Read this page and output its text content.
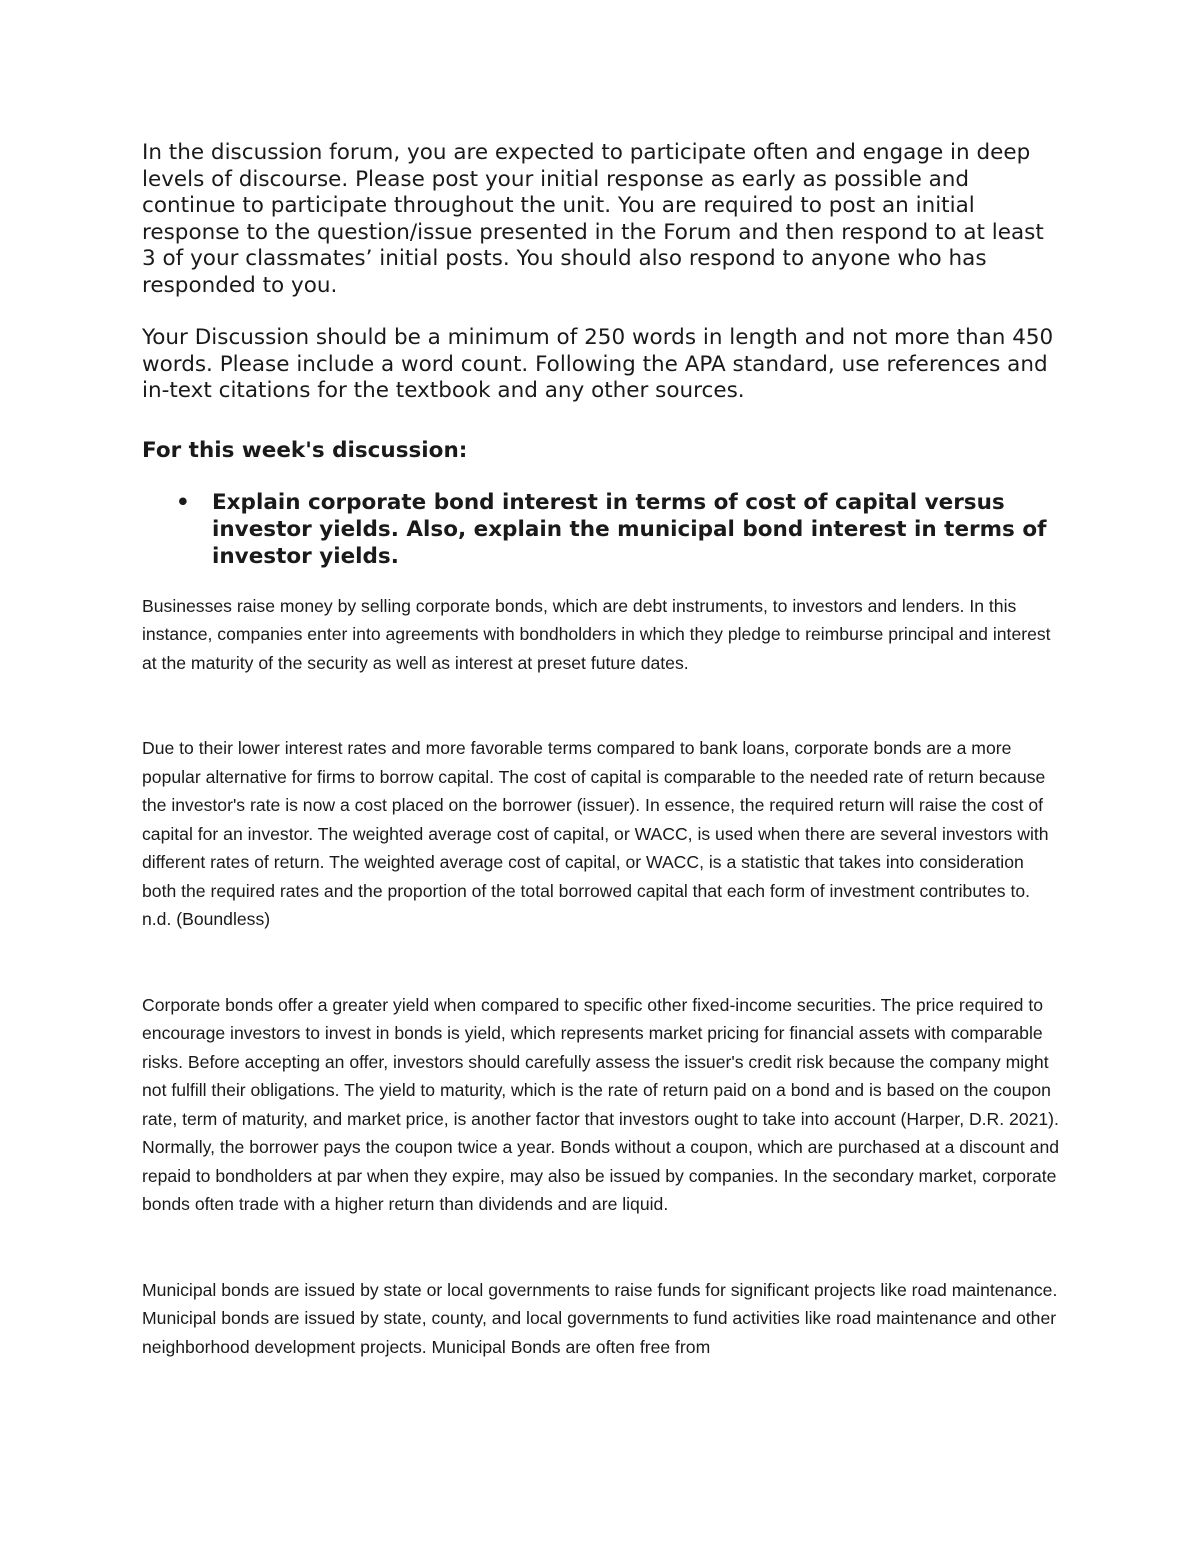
In the discussion forum, you are expected to participate often and engage in deep levels of discourse. Please post your initial response as early as possible and continue to participate throughout the unit. You are required to post an initial response to the question/issue presented in the Forum and then respond to at least 3 of your classmates’ initial posts. You should also respond to anyone who has responded to you.

Your Discussion should be a minimum of 250 words in length and not more than 450 words. Please include a word count. Following the APA standard, use references and in-text citations for the textbook and any other sources.

For this week's discussion:
• Explain corporate bond interest in terms of cost of capital versus investor yields. Also, explain the municipal bond interest in terms of investor yields.

Businesses raise money by selling corporate bonds, which are debt instruments, to investors and lenders. In this instance, companies enter into agreements with bondholders in which they pledge to reimburse principal and interest at the maturity of the security as well as interest at preset future dates.

Due to their lower interest rates and more favorable terms compared to bank loans, corporate bonds are a more popular alternative for firms to borrow capital. The cost of capital is comparable to the needed rate of return because the investor's rate is now a cost placed on the borrower (issuer). In essence, the required return will raise the cost of capital for an investor. The weighted average cost of capital, or WACC, is used when there are several investors with different rates of return. The weighted average cost of capital, or WACC, is a statistic that takes into consideration both the required rates and the proportion of the total borrowed capital that each form of investment contributes to. n.d. (Boundless)

Corporate bonds offer a greater yield when compared to specific other fixed-income securities. The price required to encourage investors to invest in bonds is yield, which represents market pricing for financial assets with comparable risks. Before accepting an offer, investors should carefully assess the issuer's credit risk because the company might not fulfill their obligations. The yield to maturity, which is the rate of return paid on a bond and is based on the coupon rate, term of maturity, and market price, is another factor that investors ought to take into account (Harper, D.R. 2021). Normally, the borrower pays the coupon twice a year. Bonds without a coupon, which are purchased at a discount and repaid to bondholders at par when they expire, may also be issued by companies. In the secondary market, corporate bonds often trade with a higher return than dividends and are liquid.

Municipal bonds are issued by state or local governments to raise funds for significant projects like road maintenance. Municipal bonds are issued by state, county, and local governments to fund activities like road maintenance and other neighborhood development projects. Municipal Bonds are often free from
